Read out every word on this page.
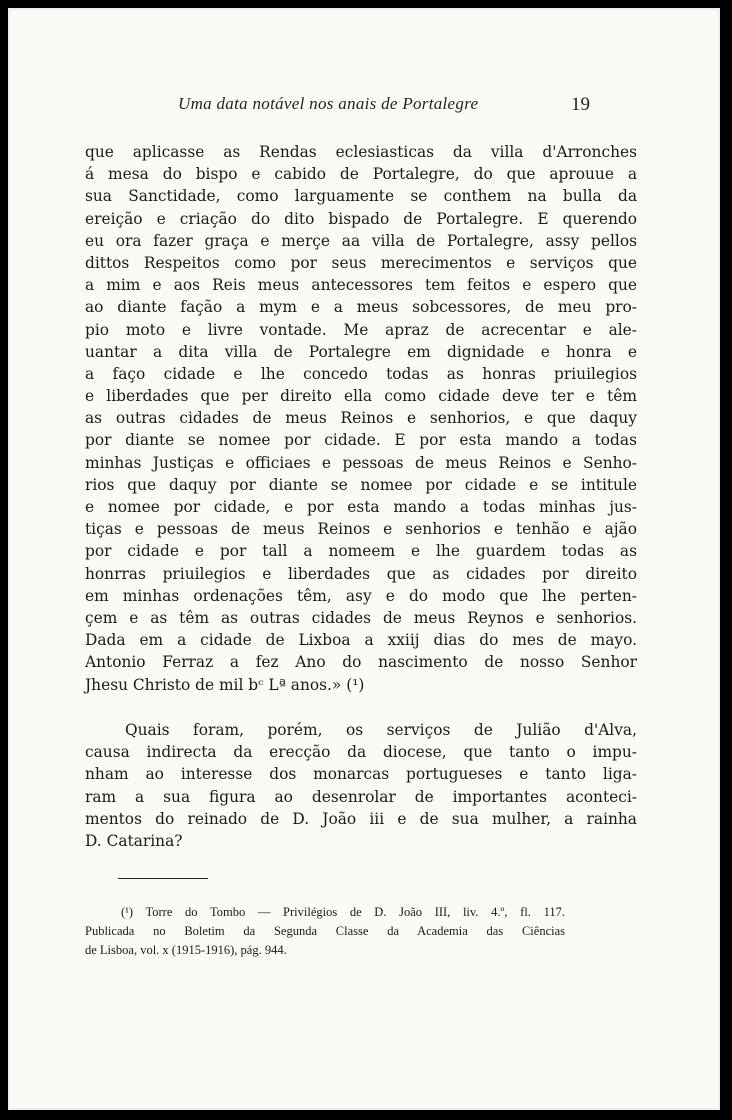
Uma data notável nos anais de Portalegre	19
que aplicasse as Rendas eclesiasticas da villa d'Arronches
á mesa do bispo e cabido de Portalegre, do que aprouue a
sua Sanctidade, como larguamente se conthem na bulla da
ereição e criação do dito bispado de Portalegre. E querendo
eu ora fazer graça e merçe aa villa de Portalegre, assy pellos
dittos Respeitos como por seus merecimentos e serviços que
a mim e aos Reis meus antecessores tem feitos e espero que
ao diante fação a mym e a meus sobcessores, de meu pro-
pio moto e livre vontade. Me apraz de acrecentar e ale-
uantar a dita villa de Portalegre em dignidade e honra e
a faço cidade e lhe concedo todas as honras priuilegios
e liberdades que per direito ella como cidade deve ter e têm
as outras cidades de meus Reinos e senhorios, e que daquy
por diante se nomee por cidade. E por esta mando a todas
minhas Justiças e officiaes e pessoas de meus Reinos e Senho-
rios que daquy por diante se nomee por cidade e se intitule
e nomee por cidade, e por esta mando a todas minhas jus-
tiças e pessoas de meus Reinos e senhorios e tenhão e ajão
por cidade e por tall a nomeem e lhe guardem todas as
honrras priuilegios e liberdades que as cidades por direito
em minhas ordenações têm, asy e do modo que lhe perten-
çem e as têm as outras cidades de meus Reynos e senhorios.
Dada em a cidade de Lixboa a xxiij dias do mes de mayo.
Antonio Ferraz a fez Ano do nascimento de nosso Senhor
Jhesu Christo de mil bᶜ Lª anos.» (¹)
Quais foram, porém, os serviços de Julião d'Alva,
causa indirecta da erecção da diocese, que tanto o impu-
nham ao interesse dos monarcas portugueses e tanto liga-
ram a sua figura ao desenrolar de importantes aconteci-
mentos do reinado de D. João iii e de sua mulher, a rainha
D. Catarina?
(¹) Torre do Tombo — Privilégios de D. João III, liv. 4.º, fl. 117.
Publicada no Boletim da Segunda Classe da Academia das Ciências
de Lisboa, vol. x (1915-1916), pág. 944.
